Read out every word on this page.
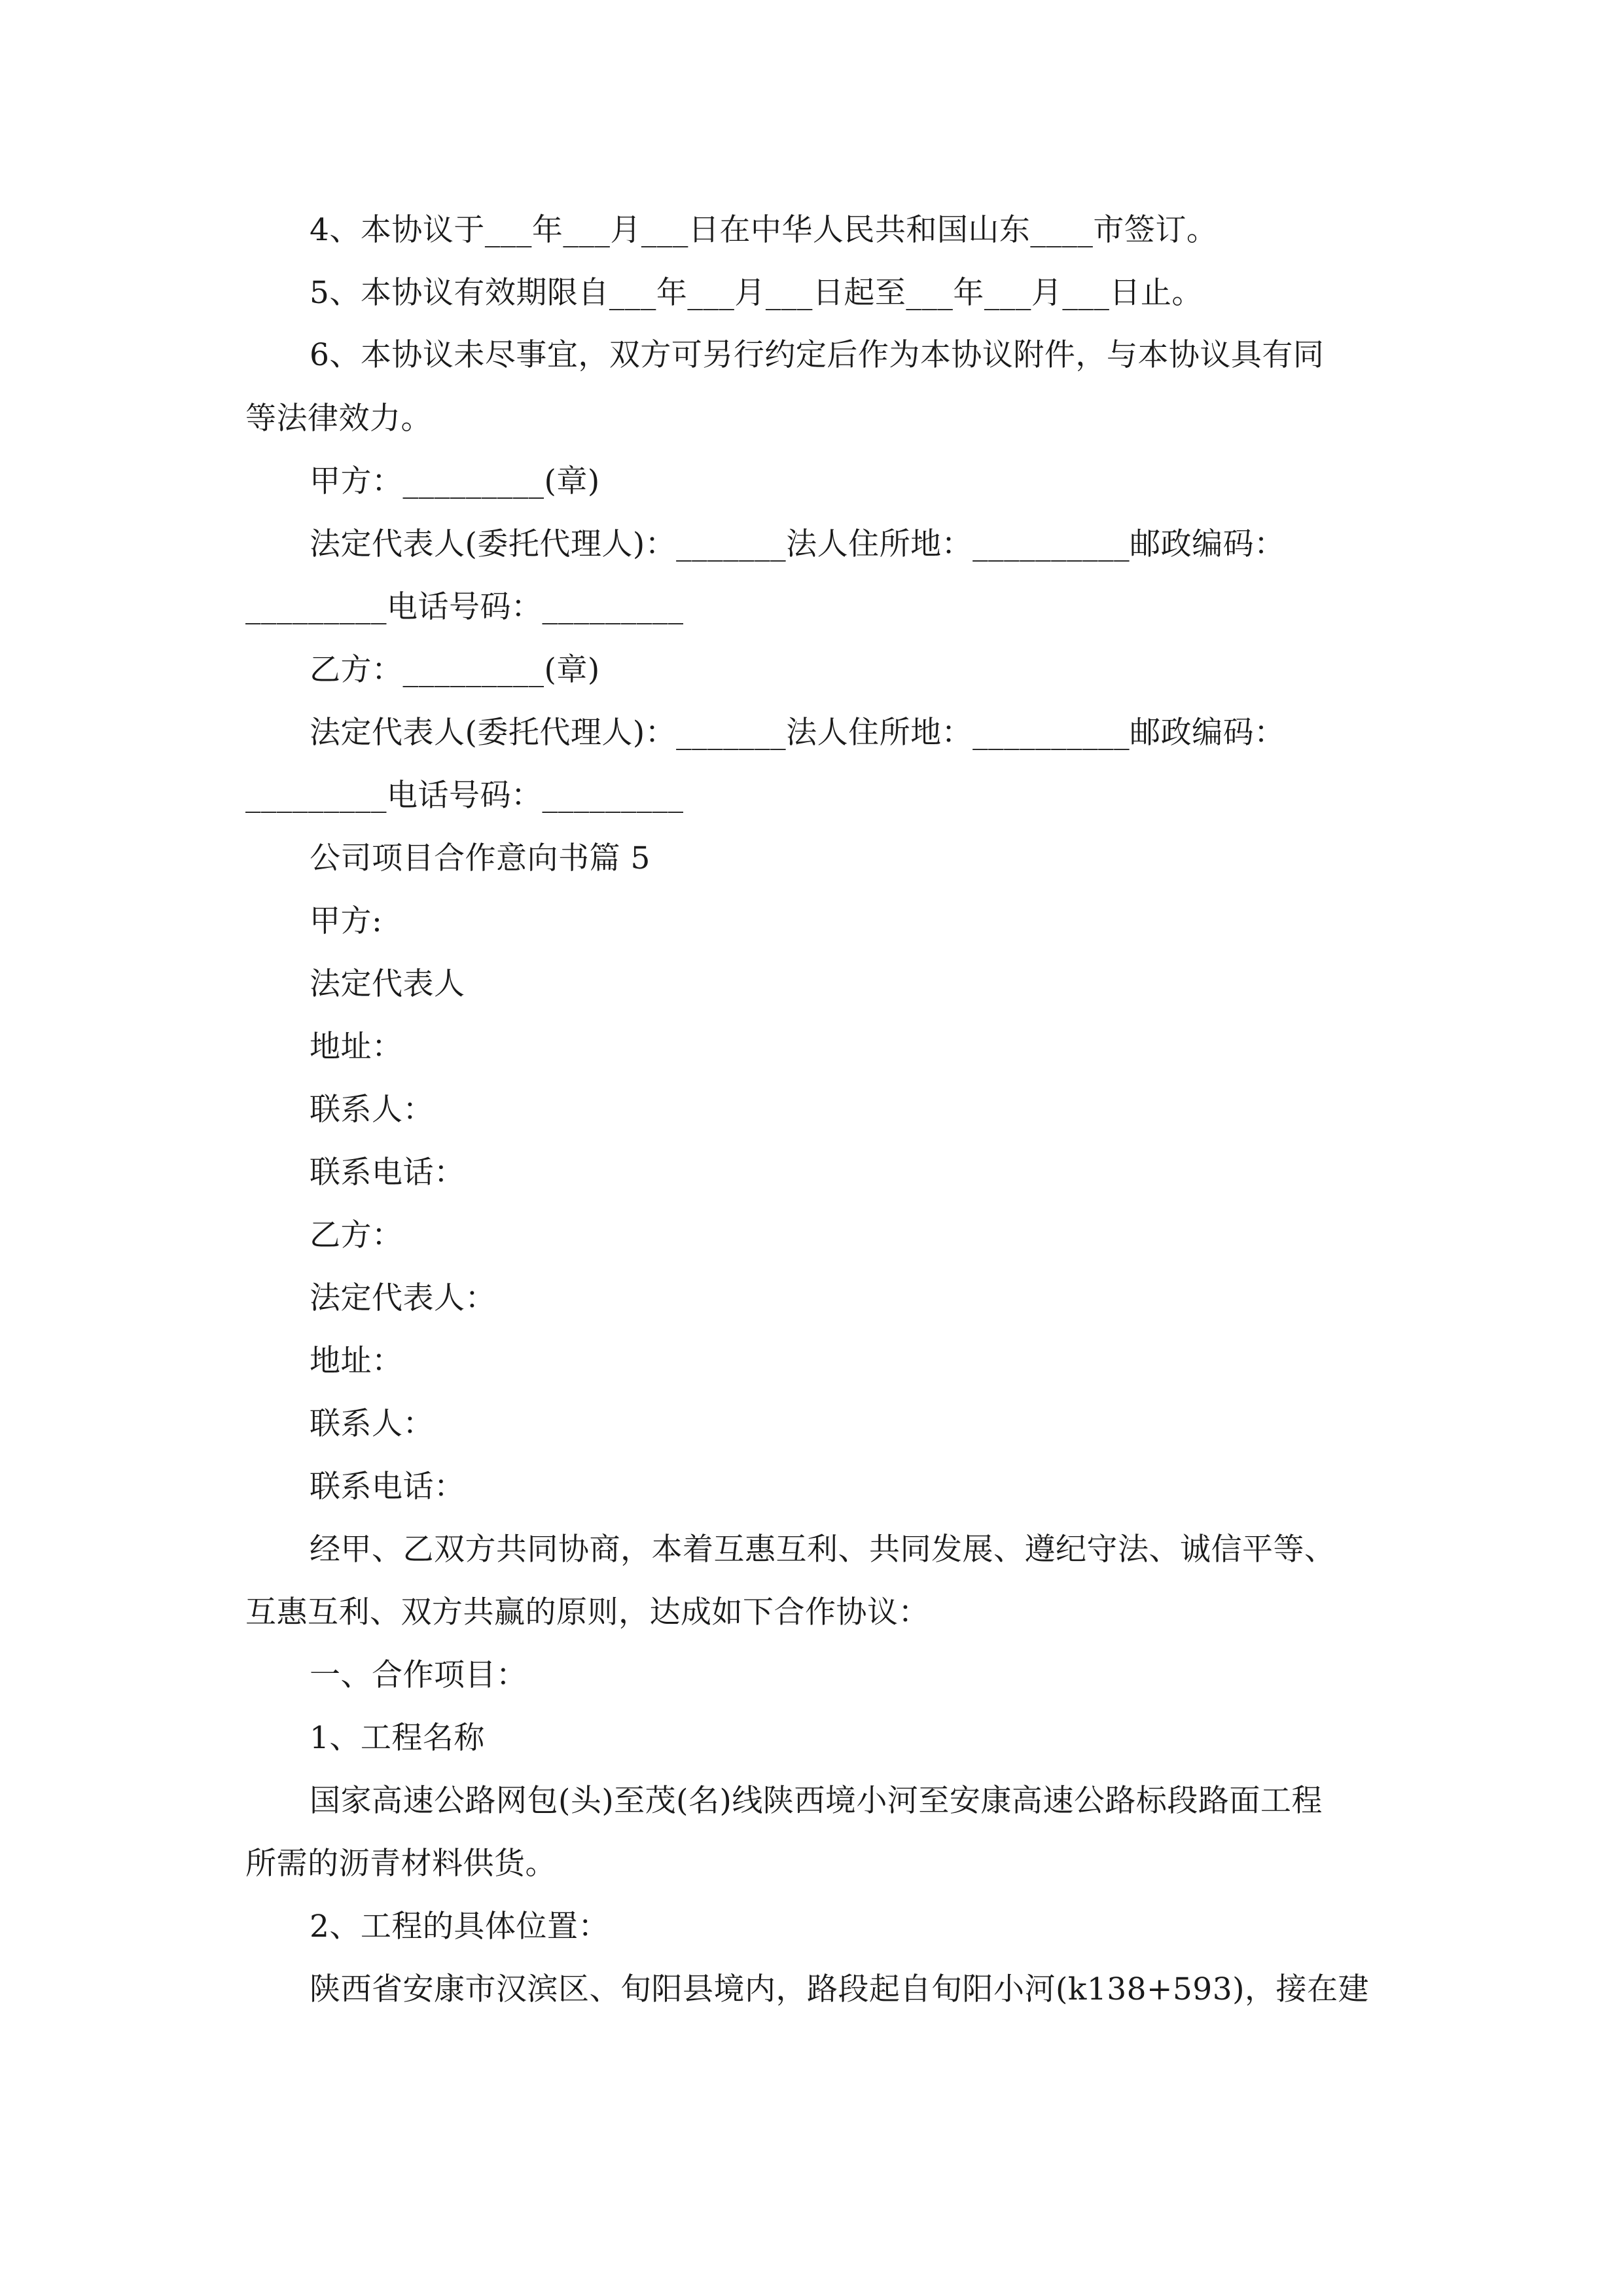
4、本协议于___年___月___日在中华人民共和国山东____市签订。
5、本协议有效期限自___年___月___日起至___年___月___日止。
6、本协议未尽事宜，双方可另行约定后作为本协议附件，与本协议具有同
等法律效力。
甲方：_________(章)
法定代表人(委托代理人)：_______法人住所地：__________邮政编码：
_________电话号码：_________
乙方：_________(章)
法定代表人(委托代理人)：_______法人住所地：__________邮政编码：
_________电话号码：_________
公司项目合作意向书篇 5
甲方:
法定代表人
地址：
联系人：
联系电话：
乙方：
法定代表人：
地址：
联系人：
联系电话：
经甲、乙双方共同协商，本着互惠互利、共同发展、遵纪守法、诚信平等、
互惠互利、双方共赢的原则，达成如下合作协议：
一、合作项目：
1、工程名称
国家高速公路网包(头)至茂(名)线陕西境小河至安康高速公路标段路面工程
所需的沥青材料供货。
2、工程的具体位置：
陕西省安康市汉滨区、旬阳县境内，路段起自旬阳小河(k138+593)，接在建
